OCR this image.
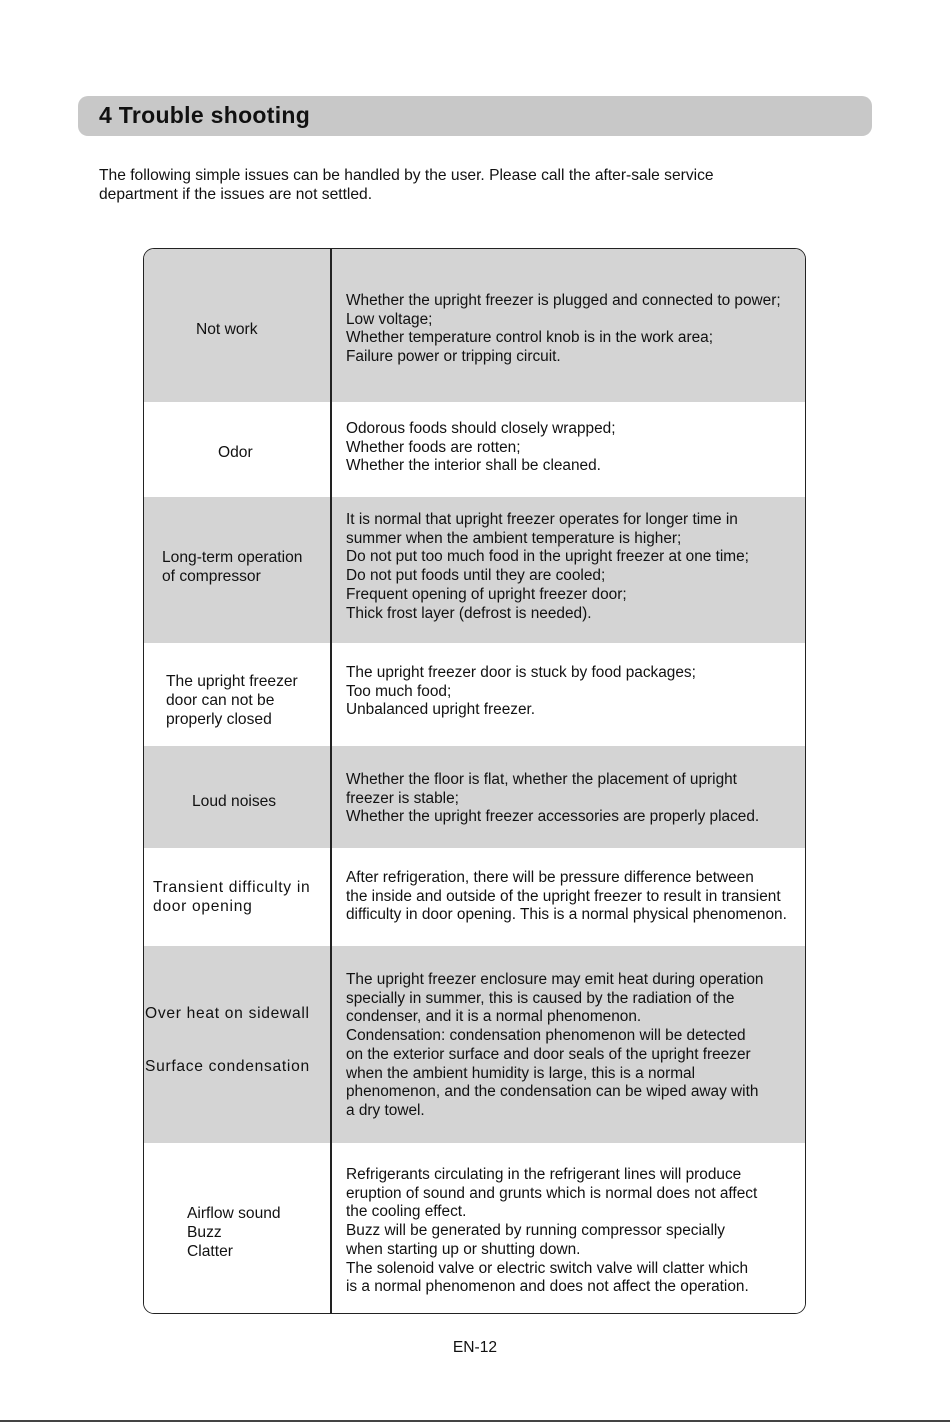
4 Trouble shooting
The following simple issues can be handled by the user. Please call the after-sale service
department if the issues are not settled.
Not work
Whether the upright freezer is plugged and connected to power;
Low voltage;
Whether temperature control knob is in the work area;
Failure power or tripping circuit.
Odor
Odorous foods should closely wrapped;
Whether foods are rotten;
Whether the interior shall be cleaned.
Long-term operation
of compressor
It is normal that upright freezer operates for longer time in
summer when the ambient temperature is higher;
Do not put too much food in the upright freezer at one time;
Do not put foods until they are cooled;
Frequent opening of upright freezer door;
Thick frost layer (defrost is needed).
The upright freezer
door can not be
properly closed
The upright freezer door is stuck by food packages;
Too much food;
Unbalanced upright freezer.
Loud noises
Whether the floor is flat, whether the placement of upright
freezer is stable;
Whether the upright freezer accessories are properly placed.
Transient difficulty in
door opening
After refrigeration, there will be pressure difference between
the inside and outside of the upright freezer to result in transient
difficulty in door opening. This is a normal physical phenomenon.
Over heat on sidewall
Surface condensation
The upright freezer enclosure may emit heat during operation
specially in summer, this is caused by the radiation of the
condenser, and it is a normal phenomenon.
Condensation: condensation phenomenon will be detected
on the exterior surface and door seals of the upright freezer
when the ambient humidity is large, this is a normal
phenomenon, and the condensation can be wiped away with
a dry towel.
Airflow sound
Buzz
Clatter
Refrigerants circulating in the refrigerant lines will produce
eruption of sound and grunts which is normal does not affect
the cooling effect.
Buzz will be generated by running compressor specially
when starting up or shutting down.
The solenoid valve or electric switch valve will clatter which
is a normal phenomenon and does not affect the operation.
EN-12
